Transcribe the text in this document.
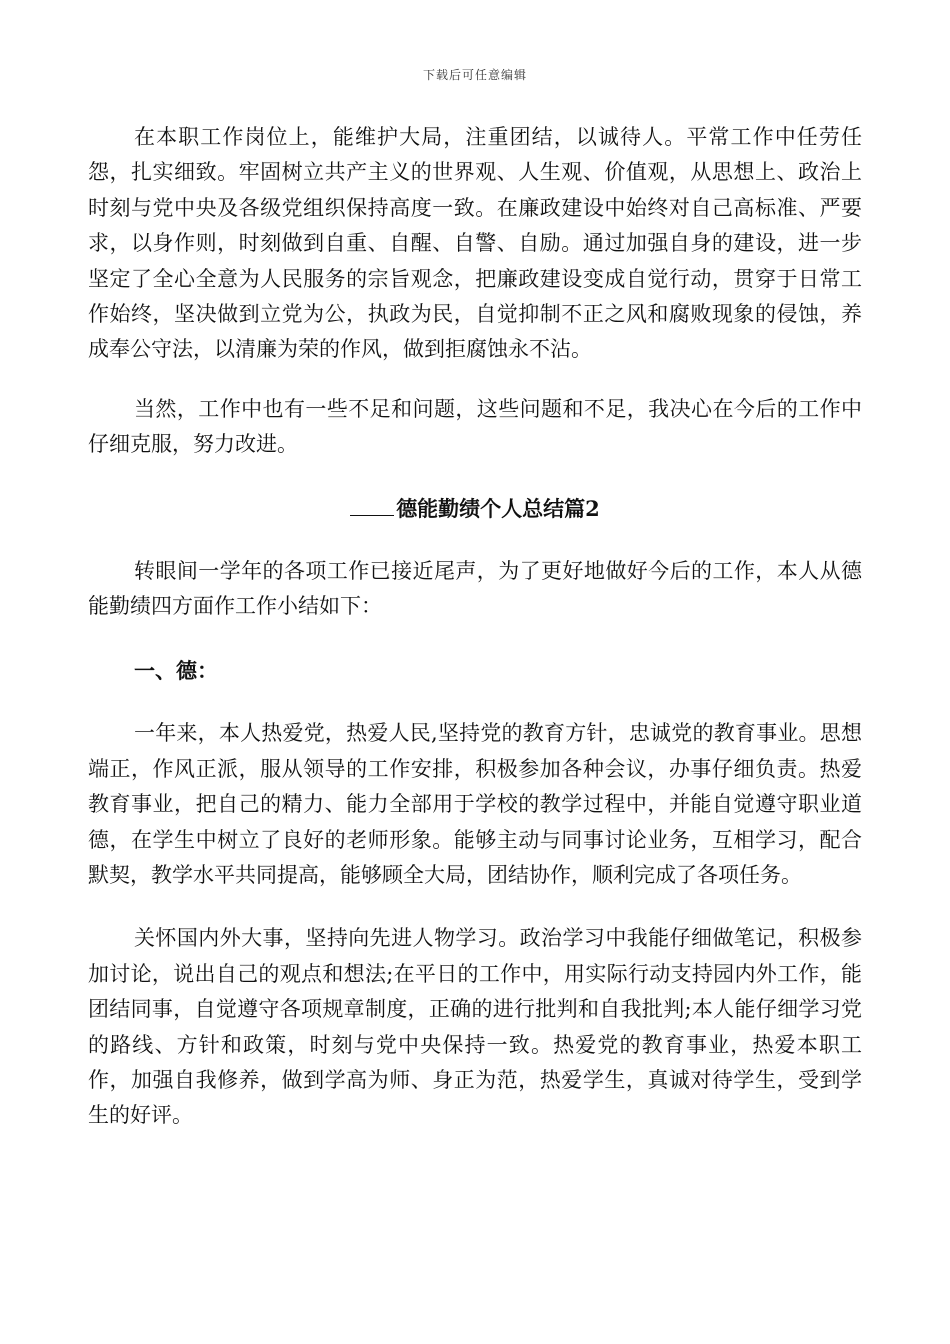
下载后可任意编辑

在本职工作岗位上，能维护大局，注重团结，以诚待人。平常工作中任劳任怨，扎实细致。牢固树立共产主义的世界观、人生观、价值观，从思想上、政治上时刻与党中央及各级党组织保持高度一致。在廉政建设中始终对自己高标准、严要求，以身作则，时刻做到自重、自醒、自警、自励。通过加强自身的建设，进一步坚定了全心全意为人民服务的宗旨观念，把廉政建设变成自觉行动，贯穿于日常工作始终，坚决做到立党为公，执政为民，自觉抑制不正之风和腐败现象的侵蚀，养成奉公守法，以清廉为荣的作风，做到拒腐蚀永不沾。

当然，工作中也有一些不足和问题，这些问题和不足，我决心在今后的工作中仔细克服，努力改进。

德能勤绩个人总结篇2

转眼间一学年的各项工作已接近尾声，为了更好地做好今后的工作，本人从德能勤绩四方面作工作小结如下：

一、德：

一年来，本人热爱党，热爱人民,坚持党的教育方针，忠诚党的教育事业。思想端正，作风正派，服从领导的工作安排，积极参加各种会议，办事仔细负责。热爱教育事业，把自己的精力、能力全部用于学校的教学过程中，并能自觉遵守职业道德，在学生中树立了良好的老师形象。能够主动与同事讨论业务，互相学习，配合默契，教学水平共同提高，能够顾全大局，团结协作，顺利完成了各项任务。

关怀国内外大事，坚持向先进人物学习。政治学习中我能仔细做笔记，积极参加讨论，说出自己的观点和想法;在平日的工作中，用实际行动支持园内外工作，能团结同事，自觉遵守各项规章制度，正确的进行批判和自我批判;本人能仔细学习党的路线、方针和政策，时刻与党中央保持一致。热爱党的教育事业，热爱本职工作，加强自我修养，做到学高为师、身正为范，热爱学生，真诚对待学生，受到学生的好评。
